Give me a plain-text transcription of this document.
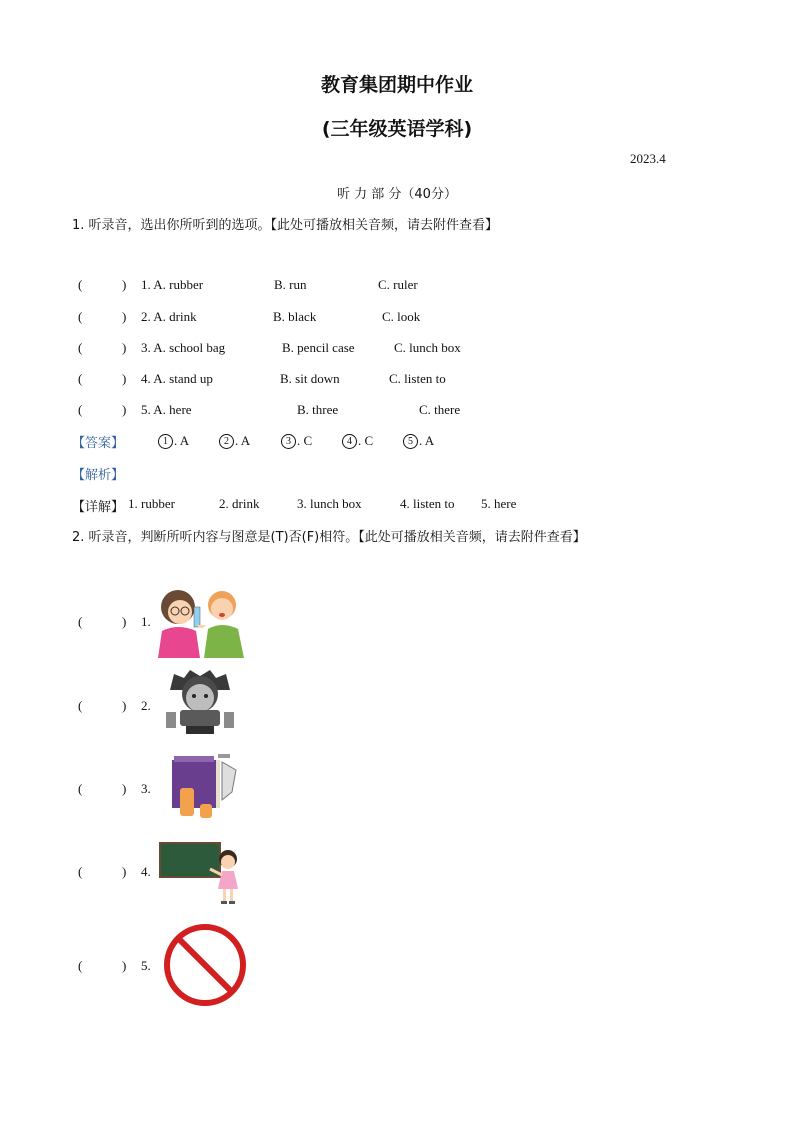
教育集团期中作业
(三年级英语学科)
2023.4
听 力 部 分（40分）
1. 听录音，选出你所听到的选项。【此处可播放相关音频，请去附件查看】
(	) 1. A. rubber	B. run	C. ruler
(	) 2. A. drink	B. black	C. look
(	) 3. A. school bag	B. pencil case	C. lunch box
(	) 4. A. stand up	B. sit down	C. listen to
(	) 5. A. here	B. three	C. there
【答案】	1 . A	2 . A	3 . C	4 . C	5 . A
【解析】
【详解】 1. rubber	2. drink	3. lunch box	4. listen to 5. here
2. 听录音，判断所听内容与图意是(T)否(F)相符。【此处可播放相关音频，请去附件查看】
(	) 1.
(	) 2.
(	) 3.
(	) 4.
(	) 5.
